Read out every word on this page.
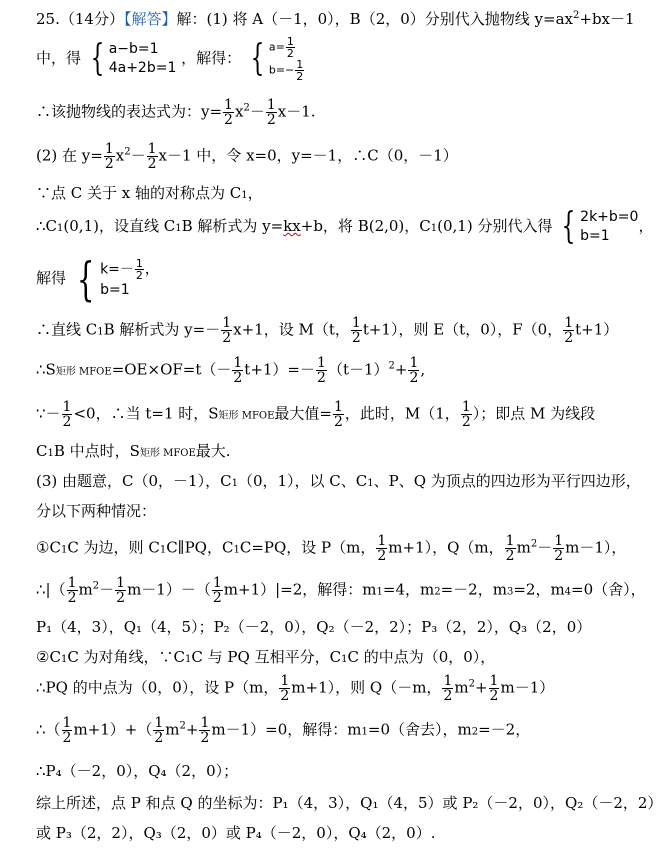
25.（14分）【解答】解：(1) 将 A（－1，0），B（2，0）分别代入抛物线 $y=ax^2+bx-1$
中，得 { a−b=1
4a+2b=1
，解得： { $a= \frac{1}{2}$
$b=- \frac{1}{2}$
∴该抛物线的表达式为：$y= \frac{1}{2} x^2- \frac{1}{2} x-1$.
(2) 在 $y= \frac{1}{2} x^2- \frac{1}{2} x-1$ 中，令 x=0，y=－1，∴C（0，－1）
∵点 C 关于 x 轴的对称点为 C1，
∴C1(0,1)，设直线 C1B 解析式为 y=kx+b，将 B(2,0)，C1(0,1) 分别代入得 { 2k+b=0
b=1
，
解得 { $k=- \frac{1}{2}$ ，
b=1
∴直线 C1B 解析式为 $y=- \frac{1}{2} x+1$，设 M（t， $\frac{1}{2} t+1$），则 E（t，0），F（0， $\frac{1}{2} t+1$）
∴S矩形 MFOE=OE×OF=t（－ $\frac{1}{2} t+1)=- \frac{1}{2} (t-1)^2+ \frac{1}{2}$ ,
∵－ $\frac{1}{2} <0$，∴当 t=1 时，S矩形 MFOE最大值= $\frac{1}{2}$ ，此时，M（1， $\frac{1}{2}$ ）；即点 M 为线段
C1B 中点时，S矩形 MFOE最大.
(3) 由题意，C（0，－1），C1（0，1），以 C、C1、P、Q 为顶点的四边形为平行四边形，
分以下两种情况：
①C1C 为边，则 C1C∥PQ，C1C=PQ，设 P（m， $\frac{1}{2} m+1$），Q（m， $\frac{1}{2} m^2- \frac{1}{2} m-1$），
∴|（ $\frac{1}{2} m^2- \frac{1}{2} m-1)-( \frac{1}{2} m+1)|=2$，解得：m1=4，m2=－2，m3=2，m4=0（舍），
P₁（4，3），Q₁（4，5）；P₂（－2，0），Q₂（－2，2）；P₃（2，2），Q₃（2，0）
②C1C 为对角线，∵C1C 与 PQ 互相平分，C1C 的中点为（0，0），
∴PQ 的中点为（0，0），设 P（m， $\frac{1}{2} m+1$），则 Q（－m， $\frac{1}{2} m^2+ \frac{1}{2} m-1$）
∴（ $\frac{1}{2} m+1)+( \frac{1}{2} m^2+ \frac{1}{2} m-1)=0$，解得：m1=0（舍去），m2=－2，
∴P₄（－2，0），Q₄（2，0）；
综上所述，点 P 和点 Q 的坐标为：P₁（4，3），Q₁（4，5）或 P₂（－2，0），Q₂（－2，2）
或 P₃（2，2），Q₃（2，0）或 P₄（－2，0），Q₄（2，0）.
